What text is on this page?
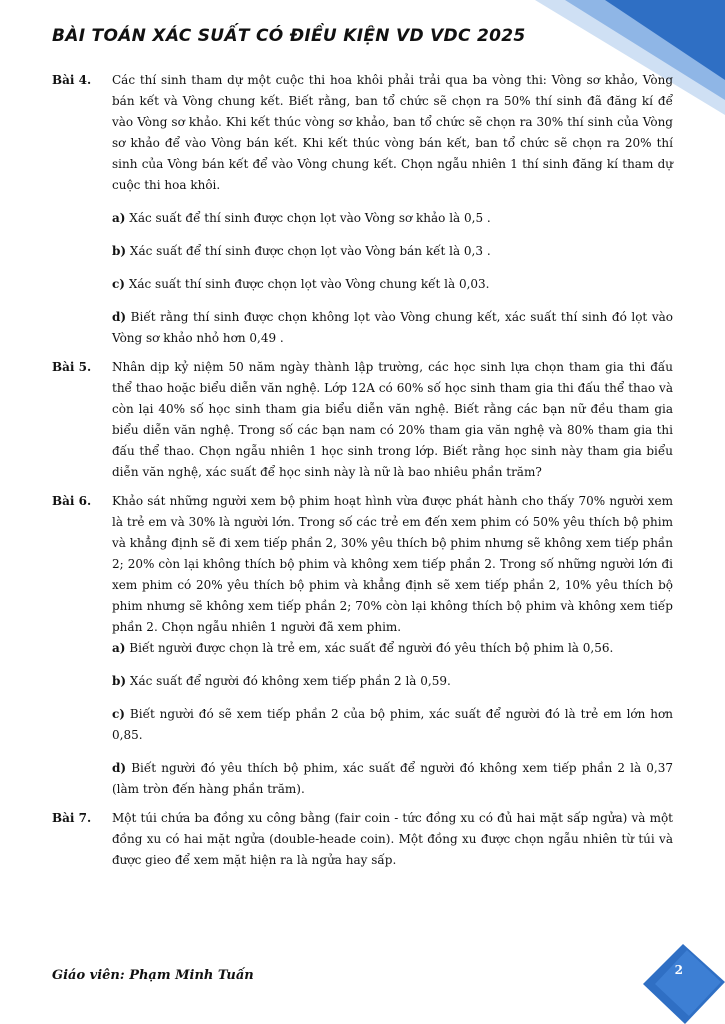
BÀI TOÁN XÁC SUẤT CÓ ĐIỀU KIỆN VD VDC 2025
Bài 4.	Các thí sinh tham dự một cuộc thi hoa khôi phải trải qua ba vòng thi: Vòng sơ khảo, Vòng bán kết và Vòng chung kết. Biết rằng, ban tổ chức sẽ chọn ra 50% thí sinh đã đăng kí để vào Vòng sơ khảo. Khi kết thúc vòng sơ khảo, ban tổ chức sẽ chọn ra 30% thí sinh của Vòng sơ khảo để vào Vòng bán kết. Khi kết thúc vòng bán kết, ban tổ chức sẽ chọn ra 20% thí sinh của Vòng bán kết để vào Vòng chung kết. Chọn ngẫu nhiên 1 thí sinh đăng kí tham dự cuộc thi hoa khôi.
a) Xác suất để thí sinh được chọn lọt vào Vòng sơ khảo là 0,5 .
b) Xác suất để thí sinh được chọn lọt vào Vòng bán kết là 0,3 .
c) Xác suất thí sinh được chọn lọt vào Vòng chung kết là 0,03.
d) Biết rằng thí sinh được chọn không lọt vào Vòng chung kết, xác suất thí sinh đó lọt vào Vòng sơ khảo nhỏ hơn 0,49 .
Bài 5.	Nhân dịp kỷ niệm 50 năm ngày thành lập trường, các học sinh lựa chọn tham gia thi đấu thể thao hoặc biểu diễn văn nghệ. Lớp 12A có 60% số học sinh tham gia thi đấu thể thao và còn lại 40% số học sinh tham gia biểu diễn văn nghệ. Biết rằng các bạn nữ đều tham gia biểu diễn văn nghệ. Trong số các bạn nam có 20% tham gia văn nghệ và 80% tham gia thi đấu thể thao. Chọn ngẫu nhiên 1 học sinh trong lớp. Biết rằng học sinh này tham gia biểu diễn văn nghệ, xác suất để học sinh này là nữ là bao nhiêu phần trăm?
Bài 6.	Khảo sát những người xem bộ phim hoạt hình vừa được phát hành cho thấy 70% người xem là trẻ em và 30% là người lớn. Trong số các trẻ em đến xem phim có 50% yêu thích bộ phim và khẳng định sẽ đi xem tiếp phần 2, 30% yêu thích bộ phim nhưng sẽ không xem tiếp phần 2; 20% còn lại không thích bộ phim và không xem tiếp phần 2. Trong số những người lớn đi xem phim có 20% yêu thích bộ phim và khẳng định sẽ xem tiếp phần 2, 10% yêu thích bộ phim nhưng sẽ không xem tiếp phần 2; 70% còn lại không thích bộ phim và không xem tiếp phần 2. Chọn ngẫu nhiên 1 người đã xem phim.
a) Biết người được chọn là trẻ em, xác suất để người đó yêu thích bộ phim là 0,56.
b) Xác suất để người đó không xem tiếp phần 2 là 0,59.
c) Biết người đó sẽ xem tiếp phần 2 của bộ phim, xác suất để người đó là trẻ em lớn hơn 0,85.
d) Biết người đó yêu thích bộ phim, xác suất để người đó không xem tiếp phần 2 là 0,37 (làm tròn đến hàng phần trăm).
Bài 7.	Một túi chứa ba đồng xu công bằng (fair coin - tức đồng xu có đủ hai mặt sấp ngửa) và một đồng xu có hai mặt ngửa (double-heade coin). Một đồng xu được chọn ngẫu nhiên từ túi và được gieo để xem mặt hiện ra là ngửa hay sấp.
Giáo viên: Phạm Minh Tuấn	2
